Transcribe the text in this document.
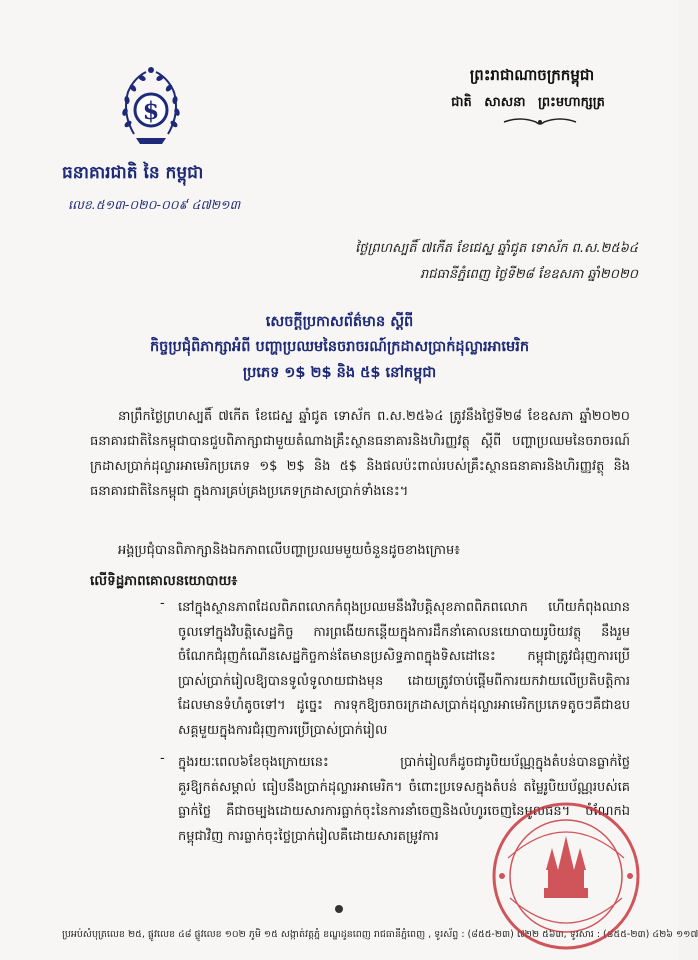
$
ធនាគារជាតិ នៃ កម្ពុជា
លេខ.៥១៣-០២០-០០៩ ៤៧២១៣
ព្រះរាជាណាចក្រកម្ពុជា
ជាតិ សាសនា ព្រះមហាក្សត្រ
ថ្ងៃព្រហស្បតិ៍ ៧កើត ខែជេស្ឋ ឆ្នាំជូត ទោស័ក ព.ស.២៥៦៤
រាជធានីភ្នំពេញ ថ្ងៃទី២៨ ខែឧសភា ឆ្នាំ២០២០
សេចក្តីប្រកាសព័ត៌មាន ស្តីពី
កិច្ចប្រជុំពិភាក្សាអំពី បញ្ហាប្រឈមនៃចរាចរណ៍ក្រដាសប្រាក់ដុល្លារអាមេរិក
ប្រភេទ ១$ ២$ និង ៥$ នៅកម្ពុជា
នាព្រឹកថ្ងៃព្រហស្បតិ៍ ៧កើត ខែជេស្ឋ ឆ្នាំជូត ទោស័ក ព.ស.២៥៦៤ ត្រូវនឹងថ្ងៃទី២៨ ខែឧសភា ឆ្នាំ២០២០ ធនាគារជាតិនៃកម្ពុជាបានជួបពិភាក្សាជាមួយតំណាងគ្រឹះស្ថានធនាគារនិងហិរញ្ញវត្ថុ ស្តីពី បញ្ហាប្រឈមនៃចរាចរណ៍ក្រដាសប្រាក់ដុល្លារអាមេរិកប្រភេទ ១$ ២$ និង ៥$ និងផលប៉ះពាល់របស់គ្រឹះស្ថានធនាគារនិងហិរញ្ញវត្ថុ និងធនាគារជាតិនៃកម្ពុជា ក្នុងការគ្រប់គ្រងប្រភេទក្រដាសប្រាក់ទាំងនេះ។
អង្គប្រជុំបានពិភាក្សានិងឯកភាពលើបញ្ហាប្រឈមមួយចំនួនដូចខាងក្រោម៖
លើទិដ្ឋភាពគោលនយោបាយ៖
- នៅក្នុងស្ថានភាពដែលពិភពលោកកំពុងប្រឈមនឹងវិបត្តិសុខភាពពិភពលោក ហើយកំពុងឈានចូលទៅក្នុងវិបត្តិសេដ្ឋកិច្ច ការព្រងើយកន្តើយក្នុងការដឹកនាំគោលនយោបាយរូបិយវត្ថុ នឹងរួមចំណែកជំរុញកំណើនសេដ្ឋកិច្ចកាន់តែមានប្រសិទ្ធភាពក្នុងទិសដៅនេះ កម្ពុជាត្រូវជំរុញការប្រើប្រាស់ប្រាក់រៀលឱ្យបានទូលំទូលាយជាងមុន ដោយត្រូវចាប់ផ្តើមពីការយកវាយលើប្រតិបត្តិការដែលមានទំហំតូចទៅ។ ដូច្នេះ ការទុកឱ្យចរាចរក្រដាសប្រាក់ដុល្លារអាមេរិកប្រភេទតូចៗគឺជាឧបសគ្គមួយក្នុងការជំរុញការប្រើប្រាស់ប្រាក់រៀល
- ក្នុងរយៈពេល៦ខែចុងក្រោយនេះ ប្រាក់រៀលក៏ដូចជារូបិយប័ណ្ណក្នុងតំបន់បានធ្លាក់ថ្លៃគួរឱ្យកត់សម្គាល់ ធៀបនឹងប្រាក់ដុល្លារអាមេរិក។ ចំពោះប្រទេសក្នុងតំបន់ តម្លៃរូបិយប័ណ្ណរបស់គេធ្លាក់ថ្លៃ គឺជាចម្បងដោយសារការធ្លាក់ចុះនៃការនាំចេញនិងលំហូរចេញនៃមូលធន។ ចំណែកឯកម្ពុជាវិញ ការធ្លាក់ចុះថ្លៃប្រាក់រៀលគឺដោយសារតម្រូវការ
ប្រអប់សំបុត្រលេខ ២៥, ផ្លូវលេខ ៤៨ ផ្លូវលេខ ១០២ ភូមិ ១៥ សង្កាត់វត្តភ្នំ ខណ្ឌដូនពេញ រាជធានីភ្នំពេញ , ទូរស័ព្ទ : (៨៥៥-២៣) ៧២២ ៥៦៣, ទូរសារ : (៨៥៥-២៣) ៤២៦ ១១៧
